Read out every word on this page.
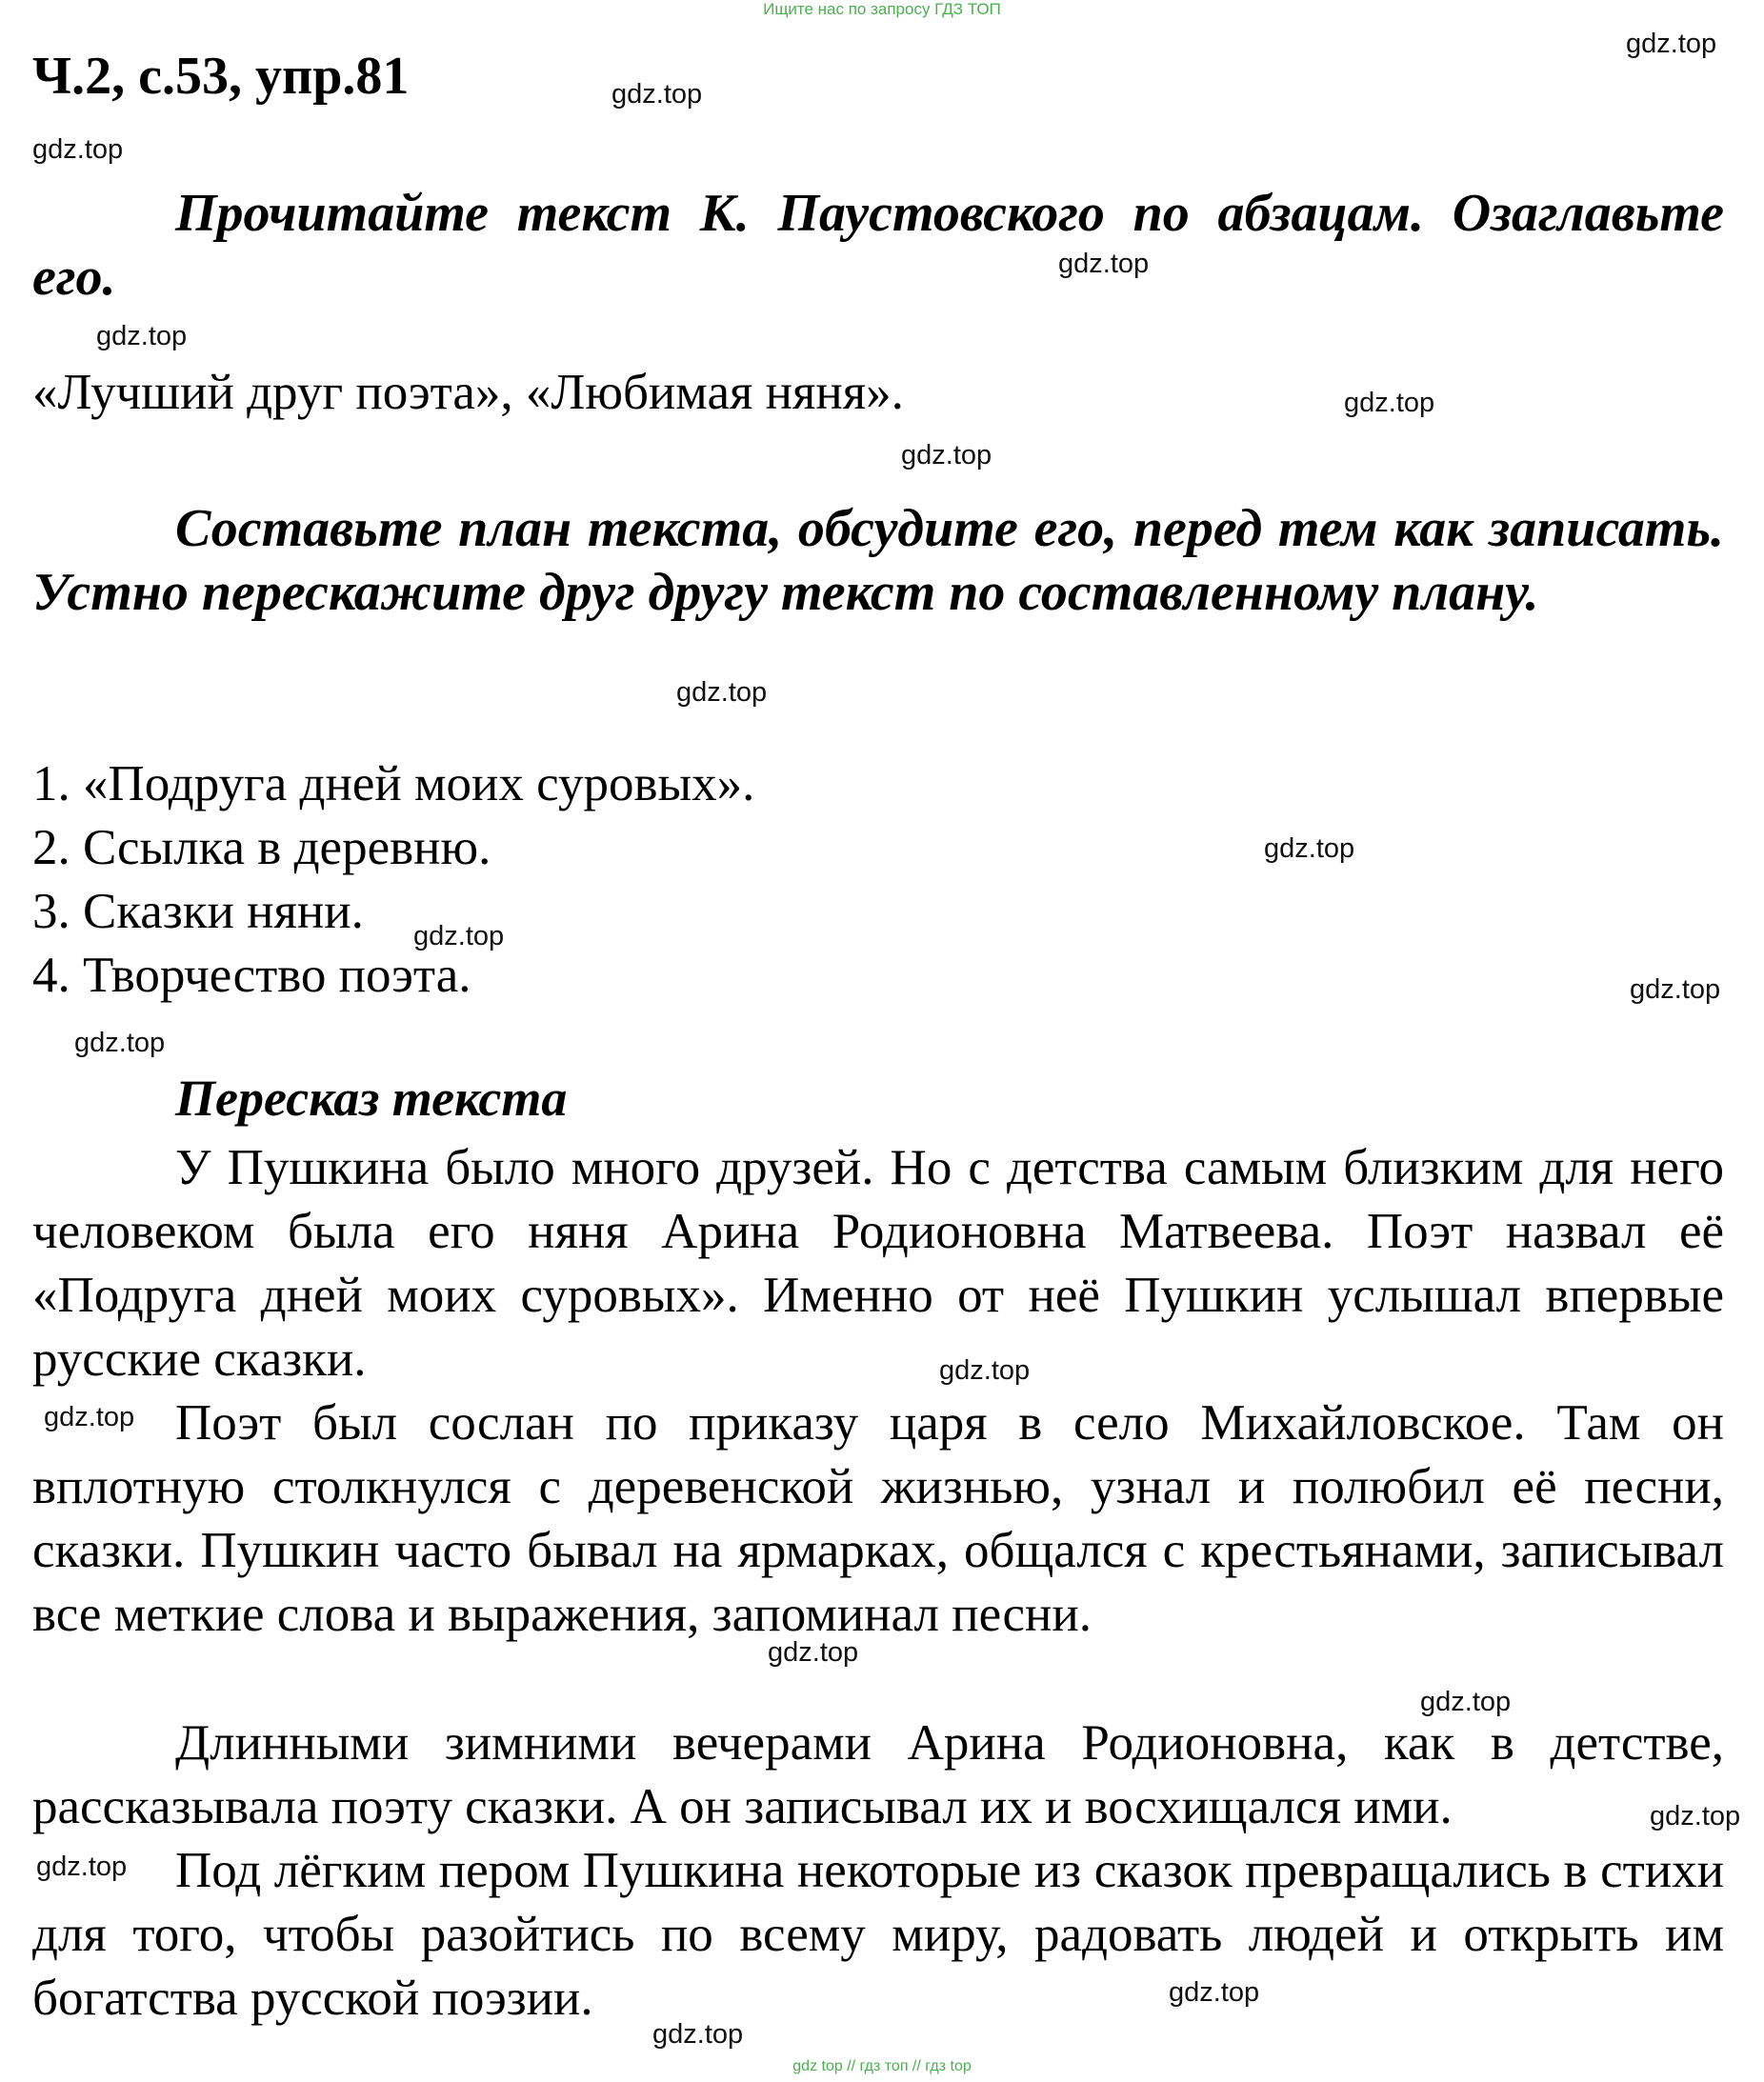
Ищите нас по запросу ГДЗ ТОП
Ч.2, с.53, упр.81

Прочитайте текст К. Паустовского по абзацам. Озаглавьте его.

«Лучший друг поэта», «Любимая няня».

Составьте план текста, обсудите его, перед тем как записать. Устно перескажите друг другу текст по составленному плану.

1. «Подруга дней моих суровых».
2. Ссылка в деревню.
3. Сказки няни.
4. Творчество поэта.
Пересказ текста

У Пушкина было много друзей. Но с детства самым близким для него человеком была его няня Арина Родионовна Матвеева. Поэт назвал её «Подруга дней моих суровых». Именно от неё Пушкин услышал впервые русские сказки.

Поэт был сослан по приказу царя в село Михайловское. Там он вплотную столкнулся с деревенской жизнью, узнал и полюбил её песни, сказки. Пушкин часто бывал на ярмарках, общался с крестьянами, записывал все меткие слова и выражения, запоминал песни.

Длинными зимними вечерами Арина Родионовна, как в детстве, рассказывала поэту сказки. А он записывал их и восхищался ими.

Под лёгким пером Пушкина некоторые из сказок превращались в стихи для того, чтобы разойтись по всему миру, радовать людей и открыть им богатства русской поэзии.

gdz.top
gdz.top
gdz.top
gdz.top
gdz.top
gdz.top
gdz.top
gdz.top
gdz.top
gdz.top
gdz.top
gdz.top
gdz.top
gdz.top
gdz.top
gdz.top
gdz.top
gdz.top
gdz.top
gdz.top
gdz top // гдз топ // гдз top
